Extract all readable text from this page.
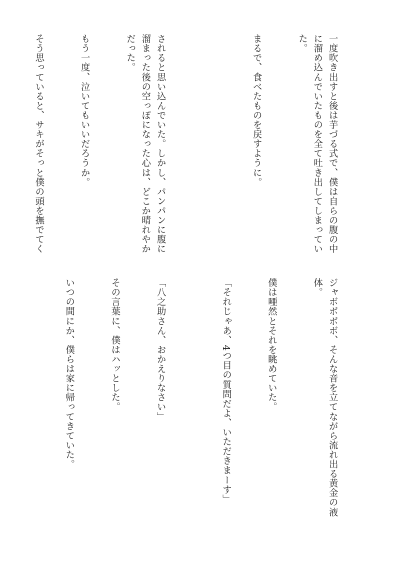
一度吹き出すと後は芋づる式で、僕は自らの腹の中に溜め込んでいたものを全て吐き出してしまっていた。

まるで、食べたものを戻すように。

されると思い込んでいた。しかし、パンパンに腹に溜まった後の空っぽになった心は、どこか晴れやかだった。

もう一度、泣いてもいいだろうか。

そう思っていると、サキがそっと僕の頭を撫でてく

ジャボボボボ、そんな音を立てながら流れ出る黄金の液体。

僕は唖然とそれを眺めていた。

「それじゃあ、4つ目の質問だよ、いただきまーす」

「八之助さん、おかえりなさい」

その言葉に、僕はハッとした。

いつの間にか、僕らは家に帰ってきていた。
